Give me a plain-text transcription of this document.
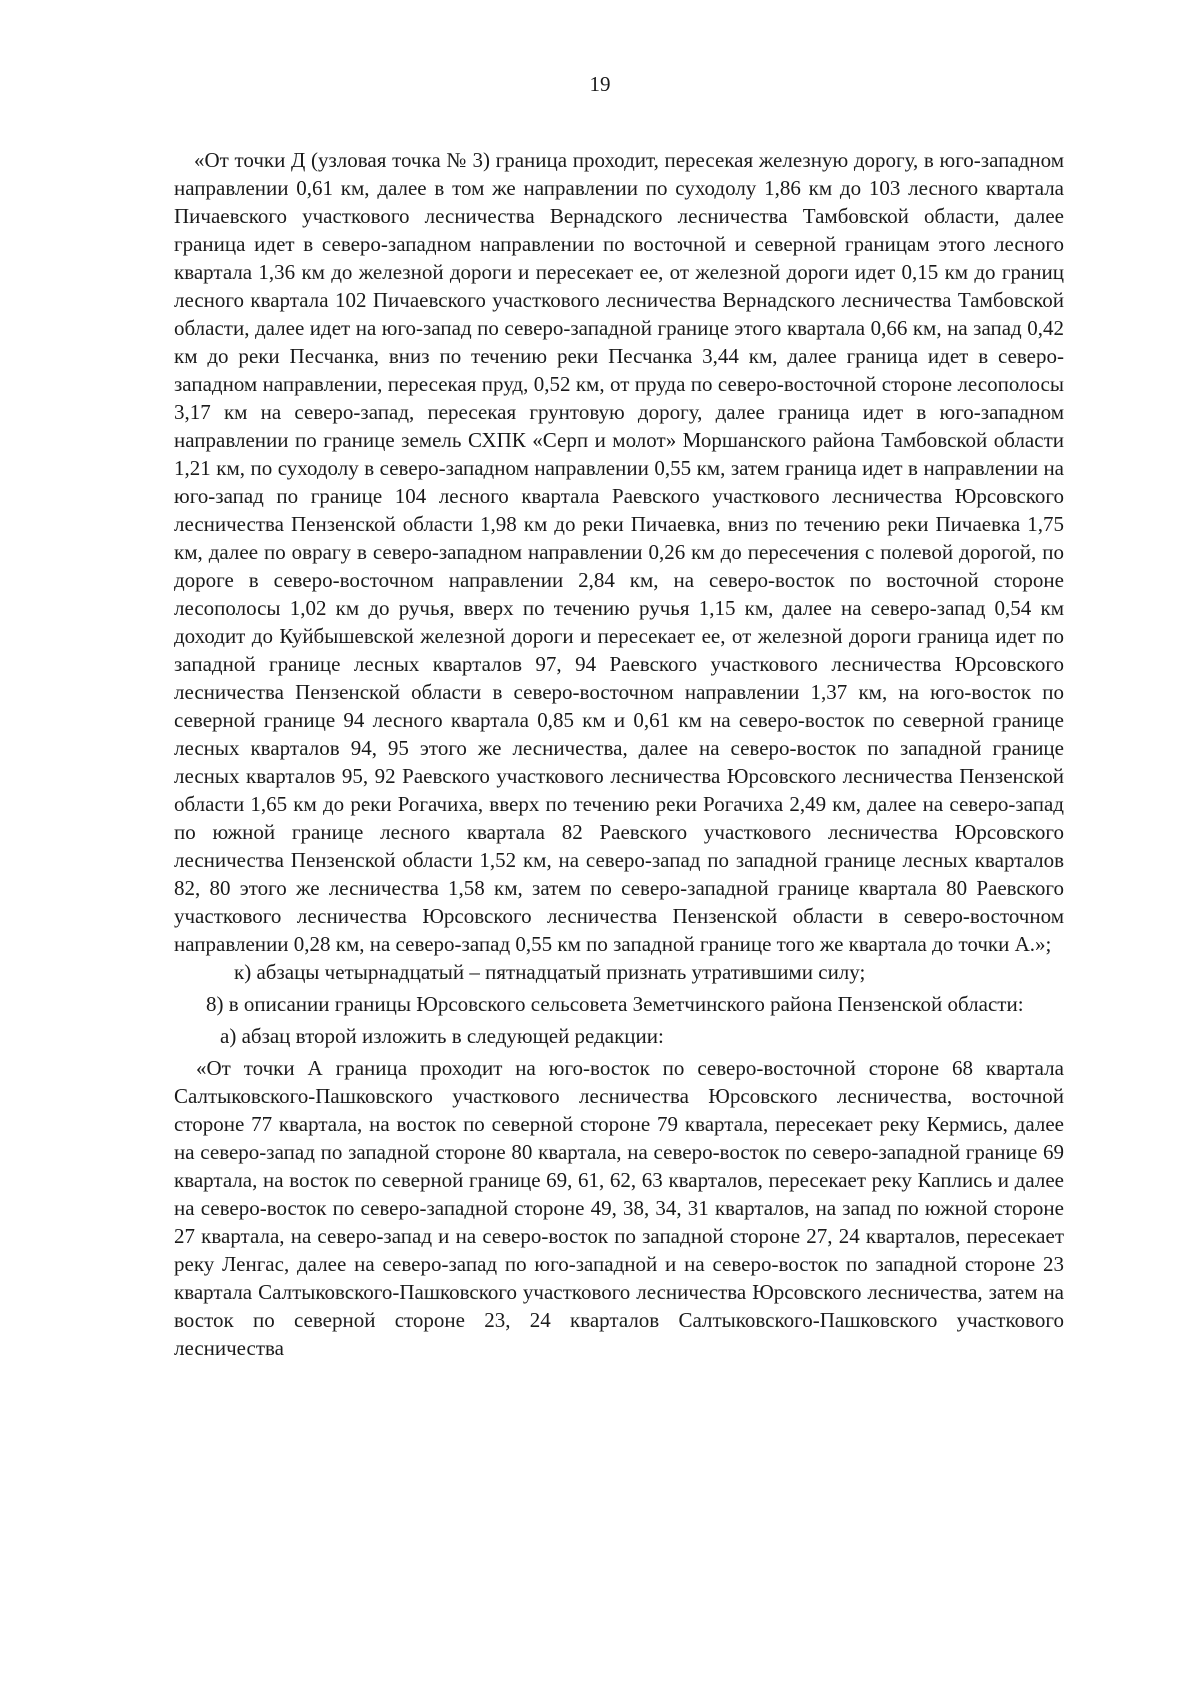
19

«От точки Д (узловая точка № 3) граница проходит, пересекая железную дорогу, в юго-западном направлении 0,61 км, далее в том же направлении по суходолу 1,86 км до 103 лесного квартала Пичаевского участкового лесничества Вернадского лесничества Тамбовской области, далее граница идет в северо-западном направлении по восточной и северной границам этого лесного квартала 1,36 км до железной дороги и пересекает ее, от железной дороги идет 0,15 км до границ лесного квартала 102 Пичаевского участкового лесничества Вернадского лесничества Тамбовской области, далее идет на юго-запад по северо-западной границе этого квартала 0,66 км, на запад 0,42 км до реки Песчанка, вниз по течению реки Песчанка 3,44 км, далее граница идет в северо-западном направлении, пересекая пруд, 0,52 км, от пруда по северо-восточной стороне лесополосы 3,17 км на северо-запад, пересекая грунтовую дорогу, далее граница идет в юго-западном направлении по границе земель СХПК «Серп и молот» Моршанского района Тамбовской области 1,21 км, по суходолу в северо-западном направлении 0,55 км, затем граница идет в направлении на юго-запад по границе 104 лесного квартала Раевского участкового лесничества Юрсовского лесничества Пензенской области 1,98 км до реки Пичаевка, вниз по течению реки Пичаевка 1,75 км, далее по оврагу в северо-западном направлении 0,26 км до пересечения с полевой дорогой, по дороге в северо-восточном направлении 2,84 км, на северо-восток по восточной стороне лесополосы 1,02 км до ручья, вверх по течению ручья 1,15 км, далее на северо-запад 0,54 км доходит до Куйбышевской железной дороги и пересекает ее, от железной дороги граница идет по западной границе лесных кварталов 97, 94 Раевского участкового лесничества Юрсовского лесничества Пензенской области в северо-восточном направлении 1,37 км, на юго-восток по северной границе 94 лесного квартала 0,85 км и 0,61 км на северо-восток по северной границе лесных кварталов 94, 95 этого же лесничества, далее на северо-восток по западной границе лесных кварталов 95, 92 Раевского участкового лесничества Юрсовского лесничества Пензенской области 1,65 км до реки Рогачиха, вверх по течению реки Рогачиха 2,49 км, далее на северо-запад по южной границе лесного квартала 82 Раевского участкового лесничества Юрсовского лесничества Пензенской области 1,52 км, на северо-запад по западной границе лесных кварталов 82, 80 этого же лесничества 1,58 км, затем по северо-западной границе квартала 80 Раевского участкового лесничества Юрсовского лесничества Пензенской области в северо-восточном направлении 0,28 км, на северо-запад 0,55 км по западной границе того же квартала до точки А.»;

к) абзацы четырнадцатый – пятнадцатый признать утратившими силу;

8) в описании границы Юрсовского сельсовета Земетчинского района Пензенской области:

а) абзац второй изложить в следующей редакции:

«От точки А граница проходит на юго-восток по северо-восточной стороне 68 квартала Салтыковского-Пашковского участкового лесничества Юрсовского лесничества, восточной стороне 77 квартала, на восток по северной стороне 79 квартала, пересекает реку Кермись, далее на северо-запад по западной стороне 80 квартала, на северо-восток по северо-западной границе 69 квартала, на восток по северной границе 69, 61, 62, 63 кварталов, пересекает реку Каплись и далее на северо-восток по северо-западной стороне 49, 38, 34, 31 кварталов, на запад по южной стороне 27 квартала, на северо-запад и на северо-восток по западной стороне 27, 24 кварталов, пересекает реку Ленгас, далее на северо-запад по юго-западной и на северо-восток по западной стороне 23 квартала Салтыковского-Пашковского участкового лесничества Юрсовского лесничества, затем на восток по северной стороне 23, 24 кварталов Салтыковского-Пашковского участкового лесничества
